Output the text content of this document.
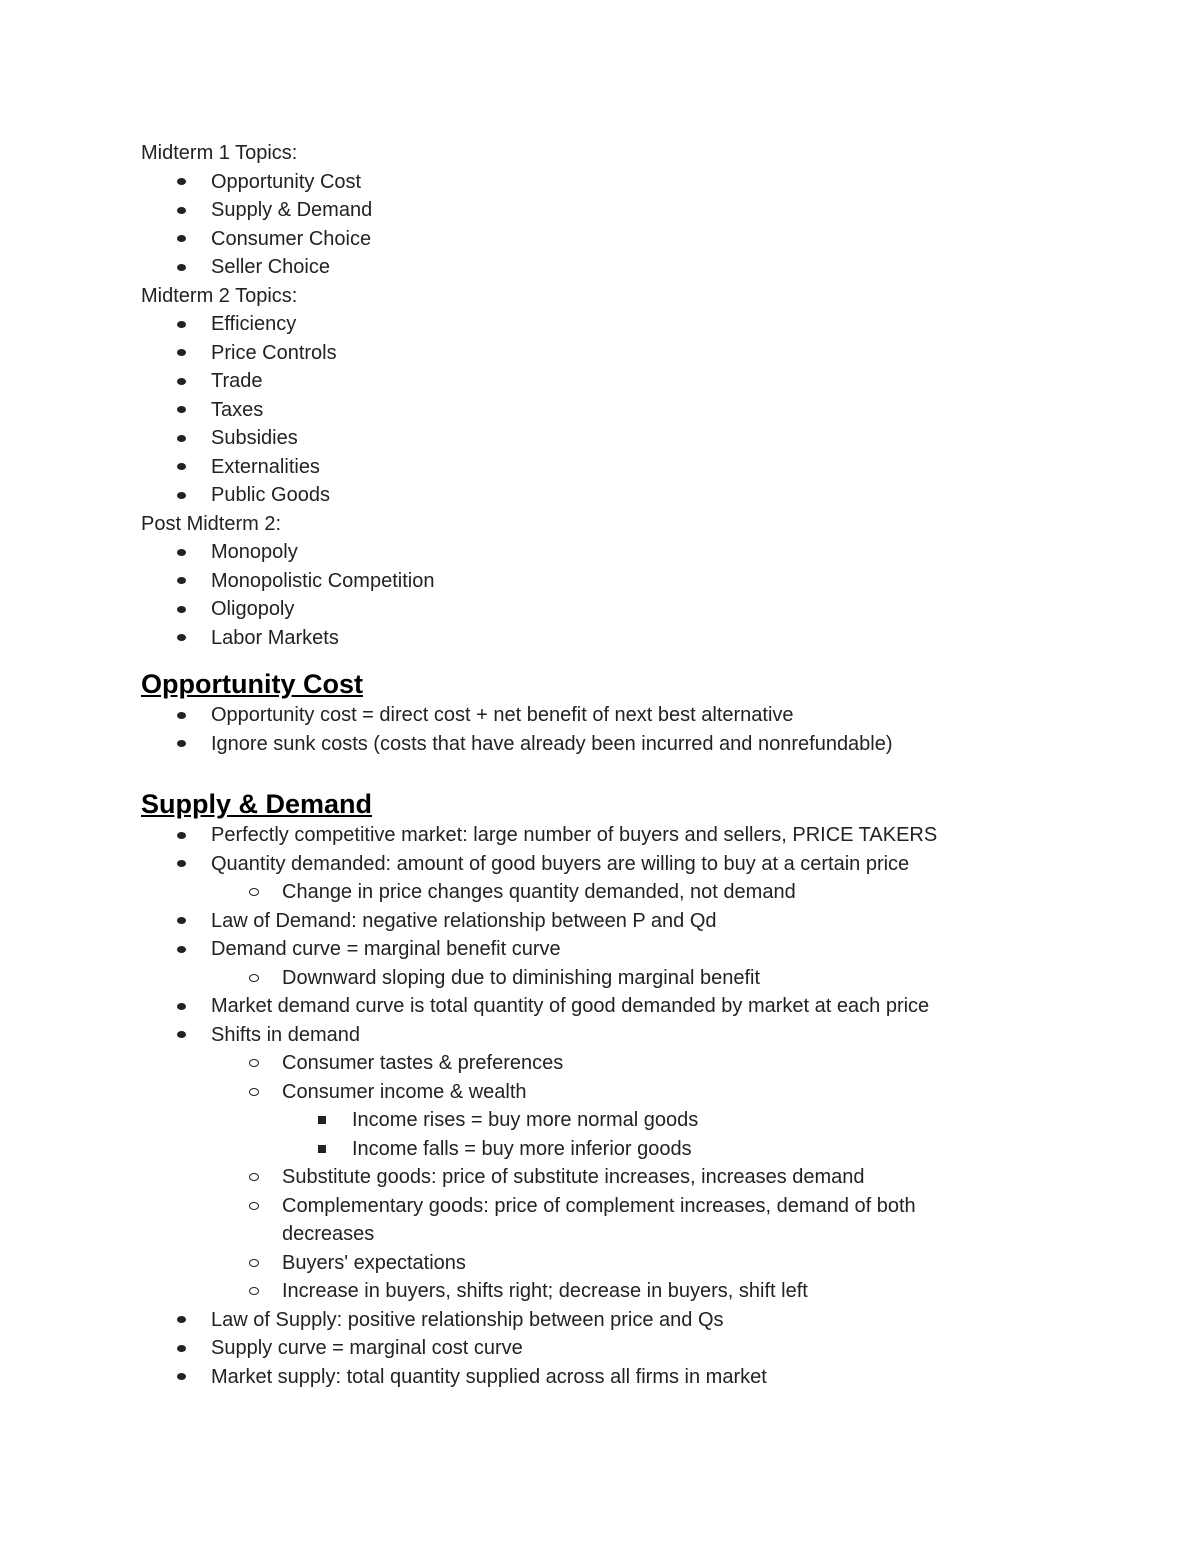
Midterm 1 Topics:
Opportunity Cost
Supply & Demand
Consumer Choice
Seller Choice
Midterm 2 Topics:
Efficiency
Price Controls
Trade
Taxes
Subsidies
Externalities
Public Goods
Post Midterm 2:
Monopoly
Monopolistic Competition
Oligopoly
Labor Markets
Opportunity Cost
Opportunity cost = direct cost + net benefit of next best alternative
Ignore sunk costs (costs that have already been incurred and nonrefundable)
Supply & Demand
Perfectly competitive market: large number of buyers and sellers, PRICE TAKERS
Quantity demanded: amount of good buyers are willing to buy at a certain price
Change in price changes quantity demanded, not demand
Law of Demand: negative relationship between P and Qd
Demand curve = marginal benefit curve
Downward sloping due to diminishing marginal benefit
Market demand curve is total quantity of good demanded by market at each price
Shifts in demand
Consumer tastes & preferences
Consumer income & wealth
Income rises = buy more normal goods
Income falls = buy more inferior goods
Substitute goods: price of substitute increases, increases demand
Complementary goods: price of complement increases, demand of both
decreases
Buyers' expectations
Increase in buyers, shifts right; decrease in buyers, shift left
Law of Supply: positive relationship between price and Qs
Supply curve = marginal cost curve
Market supply: total quantity supplied across all firms in market
